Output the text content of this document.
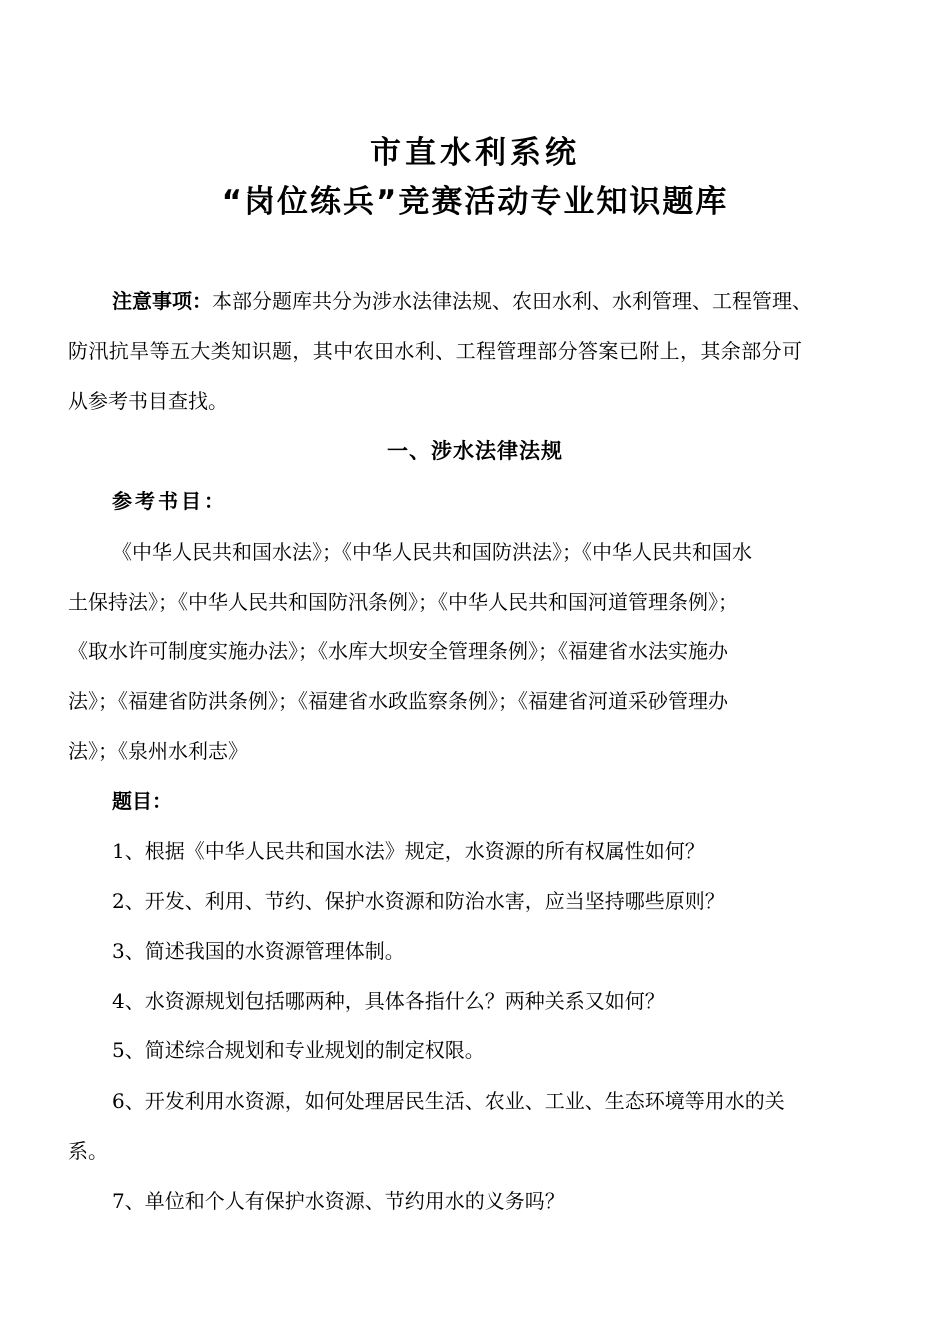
市直水利系统
“岗位练兵”竞赛活动专业知识题库
注意事项：本部分题库共分为涉水法律法规、农田水利、水利管理、工程管理、
防汛抗旱等五大类知识题，其中农田水利、工程管理部分答案已附上，其余部分可
从参考书目查找。
一、涉水法律法规
参考书目：
《中华人民共和国水法》；《中华人民共和国防洪法》；《中华人民共和国水
土保持法》；《中华人民共和国防汛条例》；《中华人民共和国河道管理条例》；
《取水许可制度实施办法》；《水库大坝安全管理条例》；《福建省水法实施办
法》；《福建省防洪条例》；《福建省水政监察条例》；《福建省河道采砂管理办
法》；《泉州水利志》
题目：
1、根据《中华人民共和国水法》规定，水资源的所有权属性如何？
2、开发、利用、节约、保护水资源和防治水害，应当坚持哪些原则？
3、简述我国的水资源管理体制。
4、水资源规划包括哪两种，具体各指什么？两种关系又如何？
5、简述综合规划和专业规划的制定权限。
6、开发利用水资源，如何处理居民生活、农业、工业、生态环境等用水的关
系。
7、单位和个人有保护水资源、节约用水的义务吗？
